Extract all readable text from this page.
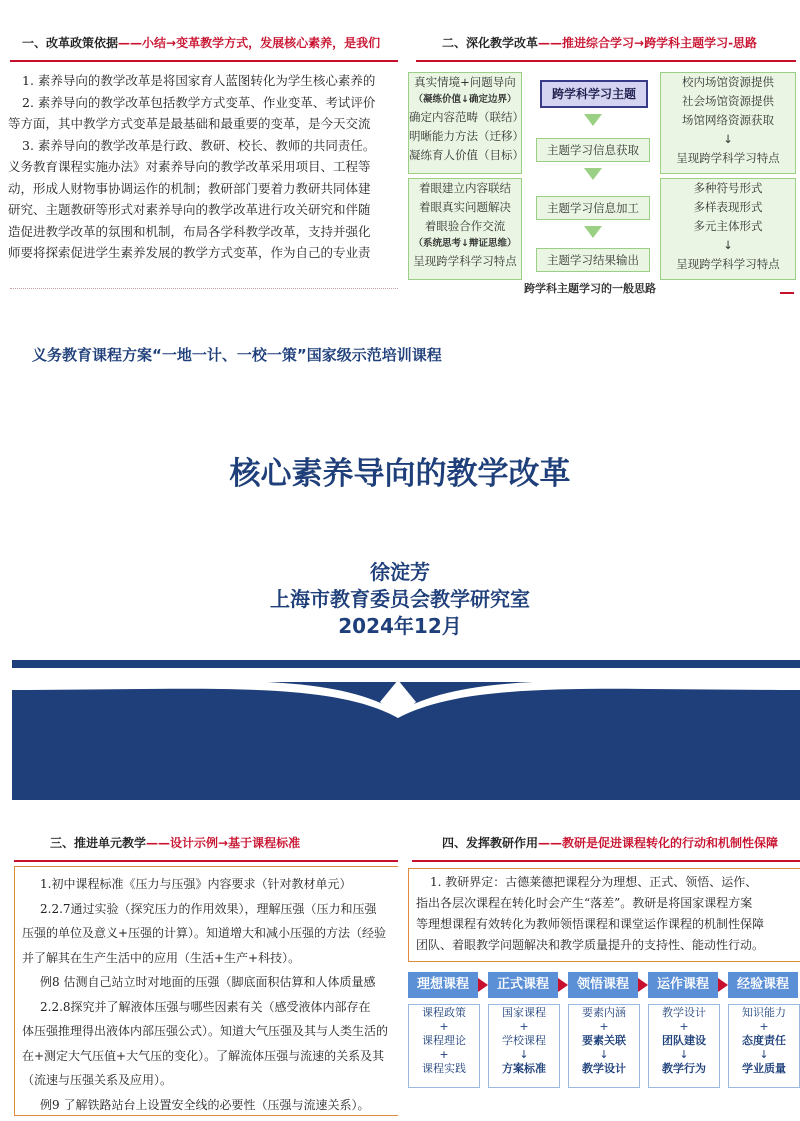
一、改革政策依据——小结→变革教学方式，发展核心素养，是我们
1. 素养导向的教学改革是将国家育人蓝图转化为学生核心素养的
2. 素养导向的教学改革包括教学方式变革、作业变革、考试评价
等方面，其中教学方式变革是最基础和最重要的变革，是今天交流
3. 素养导向的教学改革是行政、教研、校长、教师的共同责任。
义务教育课程实施办法》对素养导向的教学改革采用项目、工程等
动，形成人财物事协调运作的机制；教研部门要着力教研共同体建
研究、主题教研等形式对素养导向的教学改革进行攻关研究和伴随
造促进教学改革的氛围和机制，布局各学科教学改革，支持并强化
师要将探索促进学生素养发展的教学方式变革，作为自己的专业责
二、深化教学改革——推进综合学习→跨学科主题学习-思路
真实情境+问题导向
（凝练价值↓确定边界）
确定内容范畴（联结）
明晰能力方法（迁移）
凝练育人价值（目标）
着眼建立内容联结
着眼真实问题解决
着眼验合作交流
（系统思考↓辩证思维）
呈现跨学科学习特点
跨学科学习主题
主题学习信息获取
主题学习信息加工
主题学习结果输出
校内场馆资源提供
社会场馆资源提供
场馆网络资源获取
↓
呈现跨学科学习特点
多种符号形式
多样表现形式
多元主体形式
↓
呈现跨学科学习特点
跨学科主题学习的一般思路
义务教育课程方案“一地一计、一校一策”国家级示范培训课程
核心素养导向的教学改革
徐淀芳
上海市教育委员会教学研究室
2024年12月
三、推进单元教学——设计示例→基于课程标准
1.初中课程标准《压力与压强》内容要求（针对教材单元）
2.2.7通过实验（探究压力的作用效果），理解压强（压力和压强
压强的单位及意义+压强的计算）。知道增大和减小压强的方法（经验
并了解其在生产生活中的应用（生活+生产+科技）。
例8 估测自己站立时对地面的压强（脚底面积估算和人体质量感
2.2.8探究并了解液体压强与哪些因素有关（感受液体内部存在
体压强推理得出液体内部压强公式）。知道大气压强及其与人类生活的
在+测定大气压值+大气压的变化）。了解流体压强与流速的关系及其
（流速与压强关系及应用）。
例9 了解铁路站台上设置安全线的必要性（压强与流速关系）。
四、发挥教研作用——教研是促进课程转化的行动和机制性保障
1. 教研界定：古德莱德把课程分为理想、正式、领悟、运作、
指出各层次课程在转化时会产生“落差”。教研是将国家课程方案
等理想课程有效转化为教师领悟课程和课堂运作课程的机制性保障
团队、着眼教学问题解决和教学质量提升的支持性、能动性行动。
理想课程
课程政策
+
课程理论
+
课程实践
正式课程
国家课程
+
学校课程
↓
方案标准
领悟课程
要素内涵
+
要素关联
↓
教学设计
运作课程
教学设计
+
团队建设
↓
教学行为
经验课程
知识能力
+
态度责任
↓
学业质量
